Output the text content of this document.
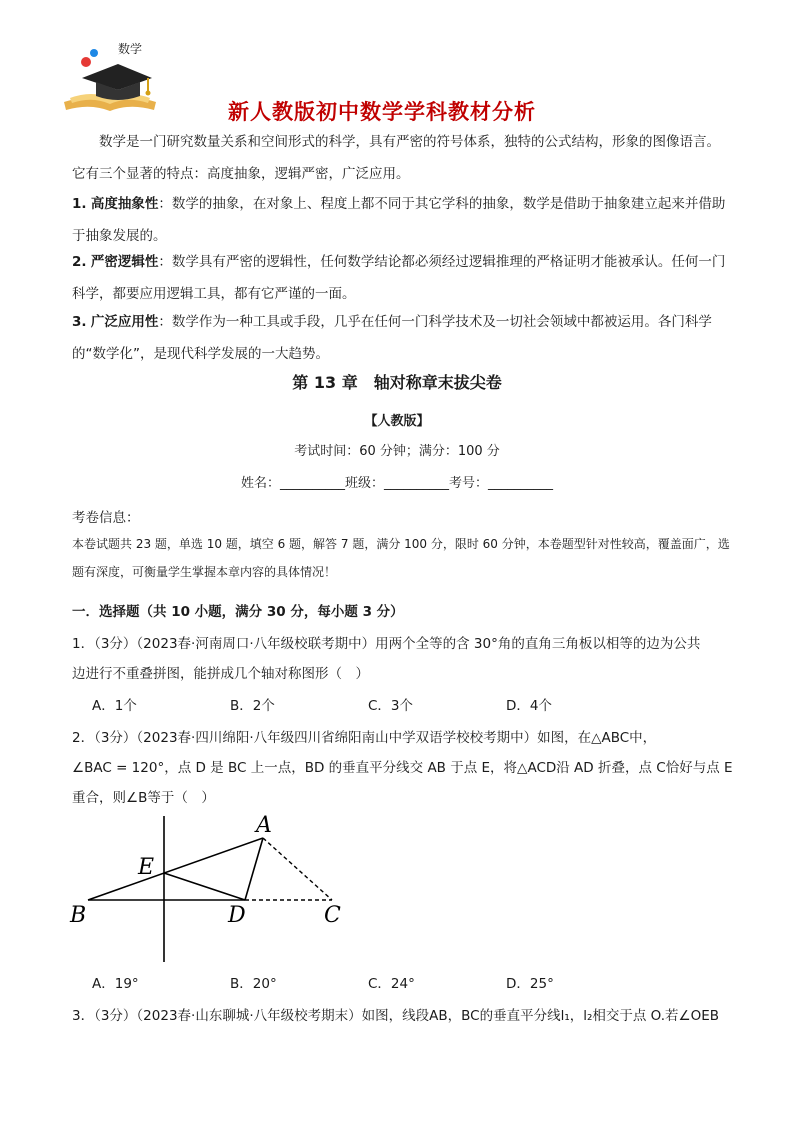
数学
新人教版初中数学学科教材分析
数学是一门研究数量关系和空间形式的科学，具有严密的符号体系，独特的公式结构，形象的图像语言。它有三个显著的特点：高度抽象，逻辑严密，广泛应用。
1. 高度抽象性：数学的抽象，在对象上、程度上都不同于其它学科的抽象，数学是借助于抽象建立起来并借助于抽象发展的。
2. 严密逻辑性：数学具有严密的逻辑性，任何数学结论都必须经过逻辑推理的严格证明才能被承认。任何一门科学，都要应用逻辑工具，都有它严谨的一面。
3. 广泛应用性：数学作为一种工具或手段，几乎在任何一门科学技术及一切社会领域中都被运用。各门科学的“数学化”，是现代科学发展的一大趋势。
第 13 章　轴对称章末拔尖卷
【人教版】
考试时间：60 分钟；满分：100 分
姓名：__________班级：__________考号：__________
考卷信息：
本卷试题共 23 题，单选 10 题，填空 6 题，解答 7 题，满分 100 分，限时 60 分钟，本卷题型针对性较高，覆盖面广，选题有深度，可衡量学生掌握本章内容的具体情况！
一．选择题（共 10 小题，满分 30 分，每小题 3 分）
1．（3分）（2023春·河南周口·八年级校联考期中）用两个全等的含 30°角的直角三角板以相等的边为公共
边进行不重叠拼图，能拼成几个轴对称图形（　）
A．1个	B．2个	C．3个	D．4个
2．（3分）（2023春·四川绵阳·八年级四川省绵阳南山中学双语学校校考期中）如图，在△ABC中，
∠BAC = 120°，点 D 是 BC 上一点，BD 的垂直平分线交 AB 于点 E，将△ACD沿 AD 折叠，点 C恰好与点 E
重合，则∠B等于（　）
A
E
B	D	C
A．19°	B．20°	C．24°	D．25°
3．（3分）（2023春·山东聊城·八年级校考期末）如图，线段AB，BC的垂直平分线l₁，l₂相交于点 O.若∠OEB
